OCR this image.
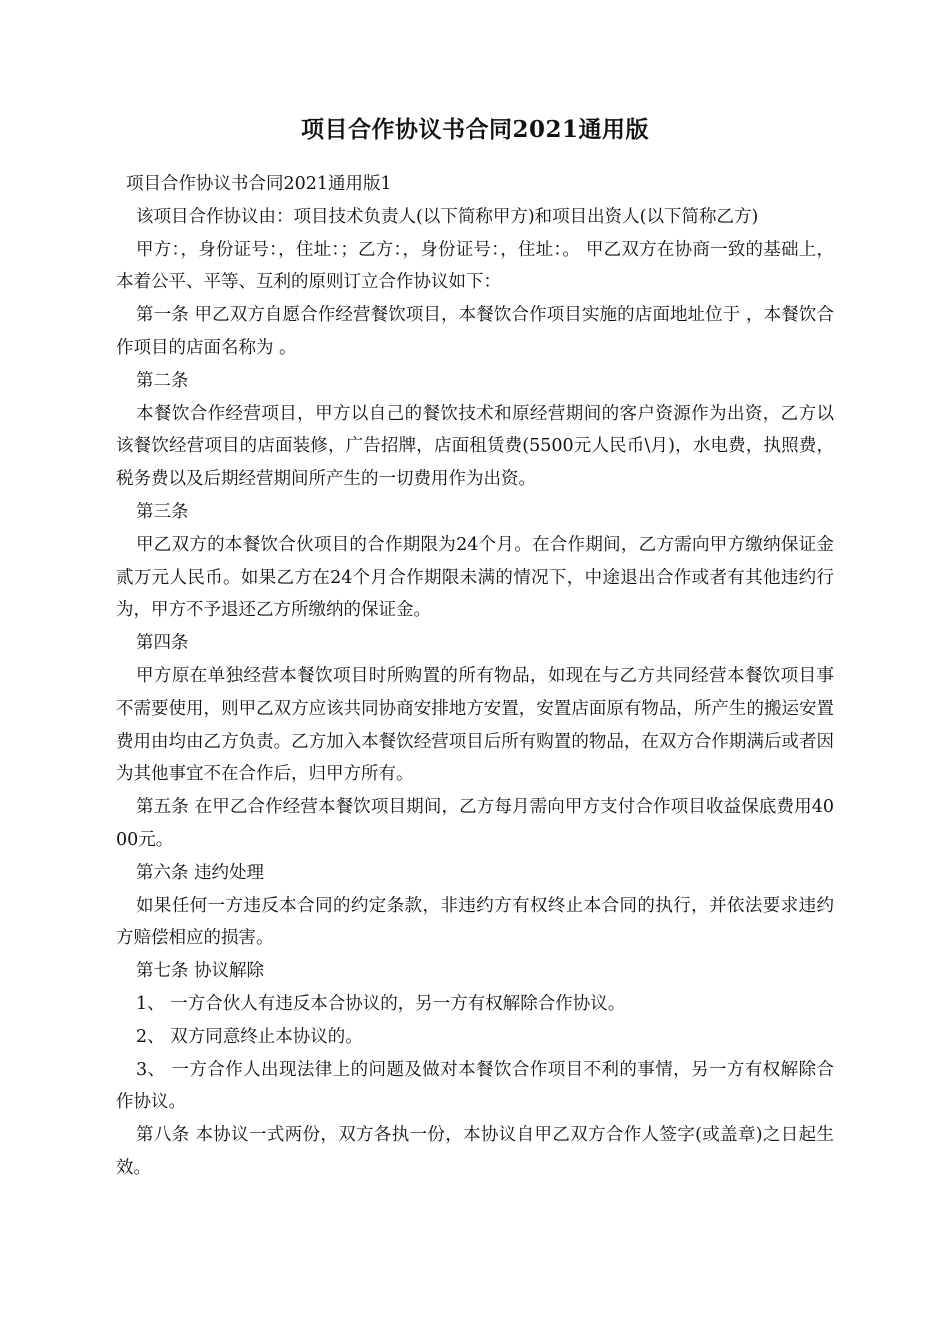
项目合作协议书合同2021通用版

项目合作协议书合同2021通用版1

该项目合作协议由：项目技术负责人(以下简称甲方)和项目出资人(以下简称乙方)

甲方：，身份证号：，住址：；乙方：，身份证号：，住址：。 甲乙双方在协商一致的基础上，本着公平、平等、互利的原则订立合作协议如下：

第一条 甲乙双方自愿合作经营餐饮项目，本餐饮合作项目实施的店面地址位于 ，本餐饮合作项目的店面名称为 。

第二条

本餐饮合作经营项目，甲方以自己的餐饮技术和原经营期间的客户资源作为出资，乙方以该餐饮经营项目的店面装修，广告招牌，店面租赁费(5500元人民币\月)，水电费，执照费，税务费以及后期经营期间所产生的一切费用作为出资。

第三条

甲乙双方的本餐饮合伙项目的合作期限为24个月。在合作期间，乙方需向甲方缴纳保证金贰万元人民币。如果乙方在24个月合作期限未满的情况下，中途退出合作或者有其他违约行为，甲方不予退还乙方所缴纳的保证金。

第四条

甲方原在单独经营本餐饮项目时所购置的所有物品，如现在与乙方共同经营本餐饮项目事不需要使用，则甲乙双方应该共同协商安排地方安置，安置店面原有物品，所产生的搬运安置费用由均由乙方负责。乙方加入本餐饮经营项目后所有购置的物品，在双方合作期满后或者因为其他事宜不在合作后，归甲方所有。

第五条 在甲乙合作经营本餐饮项目期间，乙方每月需向甲方支付合作项目收益保底费用4000元。

第六条 违约处理

如果任何一方违反本合同的约定条款，非违约方有权终止本合同的执行，并依法要求违约方赔偿相应的损害。

第七条 协议解除

1、 一方合伙人有违反本合协议的，另一方有权解除合作协议。

2、 双方同意终止本协议的。

3、 一方合作人出现法律上的问题及做对本餐饮合作项目不利的事情，另一方有权解除合作协议。

第八条 本协议一式两份，双方各执一份，本协议自甲乙双方合作人签字(或盖章)之日起生效。
